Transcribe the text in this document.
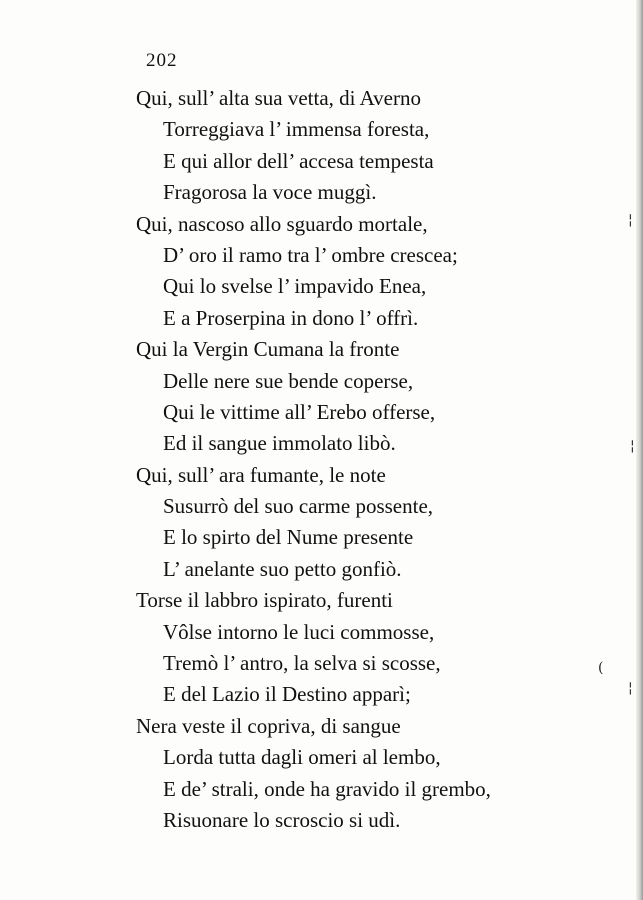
202
Qui, sull’ alta sua vetta, di Averno
Torreggiava l’ immensa foresta,
E qui allor dell’ accesa tempesta
Fragorosa la voce muggì.
Qui, nascoso allo sguardo mortale,
D’ oro il ramo tra l’ ombre crescea;
Qui lo svelse l’ impavido Enea,
E a Proserpina in dono l’ offrì.
Qui la Vergin Cumana la fronte
Delle nere sue bende coperse,
Qui le vittime all’ Erebo offerse,
Ed il sangue immolato libò.
Qui, sull’ ara fumante, le note
Susurrò del suo carme possente,
E lo spirto del Nume presente
L’ anelante suo petto gonfiò.
Torse il labbro ispirato, furenti
Vôlse intorno le luci commosse,
Tremò l’ antro, la selva si scosse,
E del Lazio il Destino apparì;
Nera veste il copriva, di sangue
Lorda tutta dagli omeri al lembo,
E de’ strali, onde ha gravido il grembo,
Risuonare lo scroscio si udì.
¦
¦
(
¦
